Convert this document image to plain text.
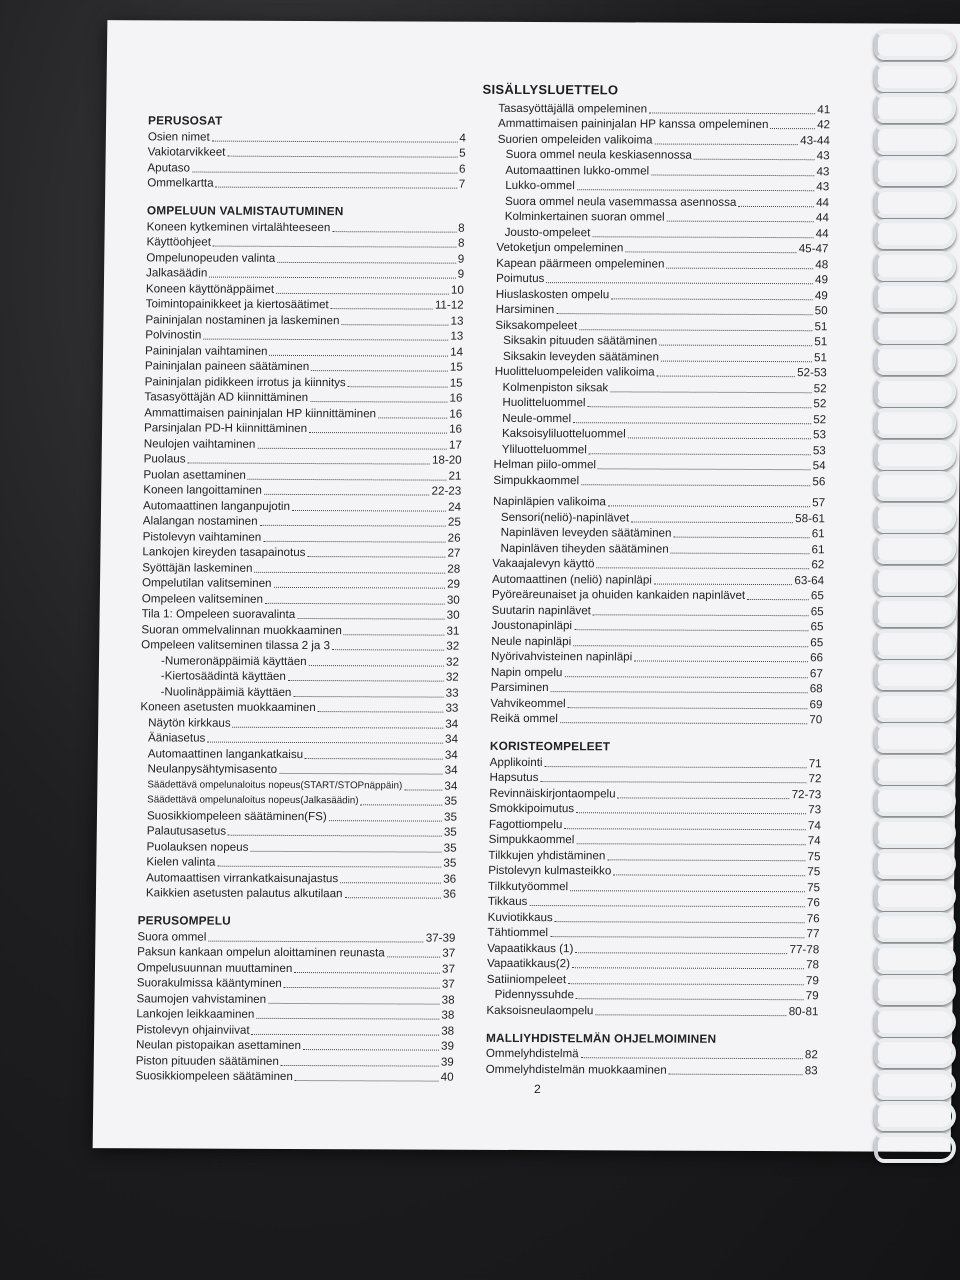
SISÄLLYSLUETTELO
PERUSOSAT
Osien nimet	4
Vakiotarvikkeet	5
Aputaso	6
Ommelkartta	7
OMPELUUN VALMISTAUTUMINEN
Koneen kytkeminen virtalähteeseen	8
Käyttöohjeet	8
Ompelunopeuden valinta	9
Jalkasäädin	9
Koneen käyttönäppäimet	10
Toimintopainikkeet ja kiertosäätimet	11-12
Paininjalan nostaminen ja laskeminen	13
Polvinostin	13
Paininjalan vaihtaminen	14
Paininjalan paineen säätäminen	15
Paininjalan pidikkeen irrotus ja kiinnitys	15
Tasasyöttäjän AD kiinnittäminen	16
Ammattimaisen paininjalan HP kiinnittäminen	16
Parsinjalan PD-H kiinnittäminen	16
Neulojen vaihtaminen	17
Puolaus	18-20
Puolan asettaminen	21
Koneen langoittaminen	22-23
Automaattinen langanpujotin	24
Alalangan nostaminen	25
Pistolevyn vaihtaminen	26
Lankojen kireyden tasapainotus	27
Syöttäjän laskeminen	28
Ompelutilan valitseminen	29
Ompeleen valitseminen	30
Tila 1: Ompeleen suoravalinta	30
Suoran ommelvalinnan muokkaaminen	31
Ompeleen valitseminen tilassa 2 ja 3	32
-Numeronäppäimiä käyttäen	32
-Kiertosäädintä käyttäen	32
-Nuolinäppäimiä käyttäen	33
Koneen asetusten muokkaaminen	33
Näytön kirkkaus	34
Ääniasetus	34
Automaattinen langankatkaisu	34
Neulanpysähtymisasento	34
Säädettävä ompelunaloitus nopeus(START/STOPnäppäin)	34
Säädettävä ompelunaloitus nopeus(Jalkasäädin)	35
Suosikkiompeleen säätäminen(FS)	35
Palautusasetus	35
Puolauksen nopeus	35
Kielen valinta	35
Automaattisen virrankatkaisunajastus	36
Kaikkien asetusten palautus alkutilaan	36
PERUSOMPELU
Suora ommel	37-39
Paksun kankaan ompelun aloittaminen reunasta	37
Ompelusuunnan muuttaminen	37
Suorakulmissa kääntyminen	37
Saumojen vahvistaminen	38
Lankojen leikkaaminen	38
Pistolevyn ohjainviivat	38
Neulan pistopaikan asettaminen	39
Piston pituuden säätäminen	39
Suosikkiompeleen säätäminen	40
Tasasyöttäjällä ompeleminen	41
Ammattimaisen paininjalan HP kanssa ompeleminen	42
Suorien ompeleiden valikoima	43-44
Suora ommel neula keskiasennossa	43
Automaattinen lukko-ommel	43
Lukko-ommel	43
Suora ommel neula vasemmassa asennossa	44
Kolminkertainen suoran ommel	44
Jousto-ompeleet	44
Vetoketjun ompeleminen	45-47
Kapean päärmeen ompeleminen	48
Poimutus	49
Hiuslaskosten ompelu	49
Harsiminen	50
Siksakompeleet	51
Siksakin pituuden säätäminen	51
Siksakin leveyden säätäminen	51
Huolitteluompeleiden valikoima	52-53
Kolmenpiston siksak	52
Huolitteluommel	52
Neule-ommel	52
Kaksoisyliluotteluommel	53
Yliluotteluommel	53
Helman piilo-ommel	54
Simpukkaommel	56
Napinläpien valikoima	57
Sensori(neliö)-napinlävet	58-61
Napinläven leveyden säätäminen	61
Napinläven tiheyden säätäminen	61
Vakaajalevyn käyttö	62
Automaattinen (neliö) napinläpi	63-64
Pyöreäreunaiset ja ohuiden kankaiden napinlävet	65
Suutarin napinlävet	65
Joustonapinläpi	65
Neule napinläpi	65
Nyörivahvisteinen napinläpi	66
Napin ompelu	67
Parsiminen	68
Vahvikeommel	69
Reikä ommel	70
KORISTEOMPELEET
Applikointi	71
Hapsutus	72
Revinnäiskirjontaompelu	72-73
Smokkipoimutus	73
Fagottiompelu	74
Simpukkaommel	74
Tilkkujen yhdistäminen	75
Pistolevyn kulmasteikko	75
Tilkkutyöommel	75
Tikkaus	76
Kuviotikkaus	76
Tähtiommel	77
Vapaatikkaus (1)	77-78
Vapaatikkaus(2)	78
Satiiniompeleet	79
Pidennyssuhde	79
Kaksoisneulaompelu	80-81
MALLIYHDISTELMÄN OHJELMOIMINEN
Ommelyhdistelmä	82
Ommelyhdistelmän muokkaaminen	83
2
